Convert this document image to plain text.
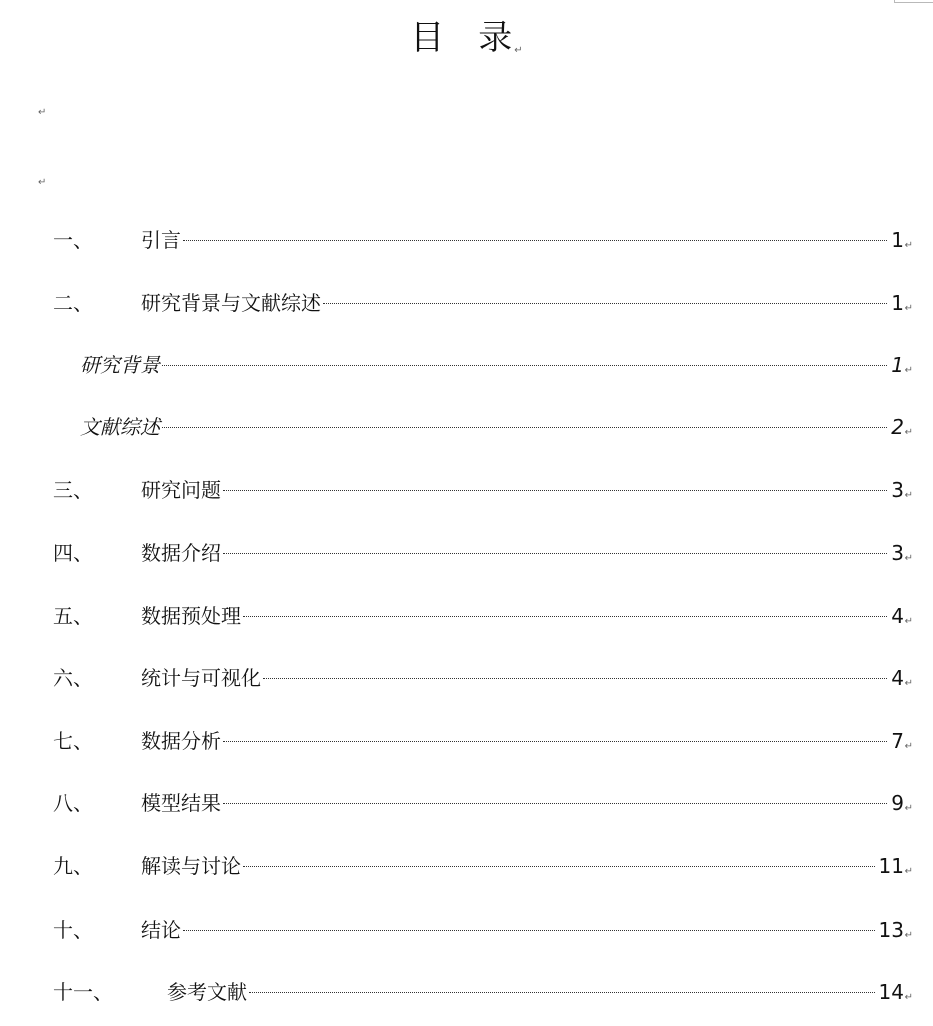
目 录 ↵
↵
↵
一、 引言	1 ↵
二、 研究背景与文献综述	1 ↵
研究背景	1 ↵
文献综述	2 ↵
三、 研究问题	3 ↵
四、 数据介绍	3 ↵
五、 数据预处理	4 ↵
六、 统计与可视化	4 ↵
七、 数据分析	7 ↵
八、 模型结果	9 ↵
九、 解读与讨论	11 ↵
十、 结论	13 ↵
十一、	参考文献	14 ↵
